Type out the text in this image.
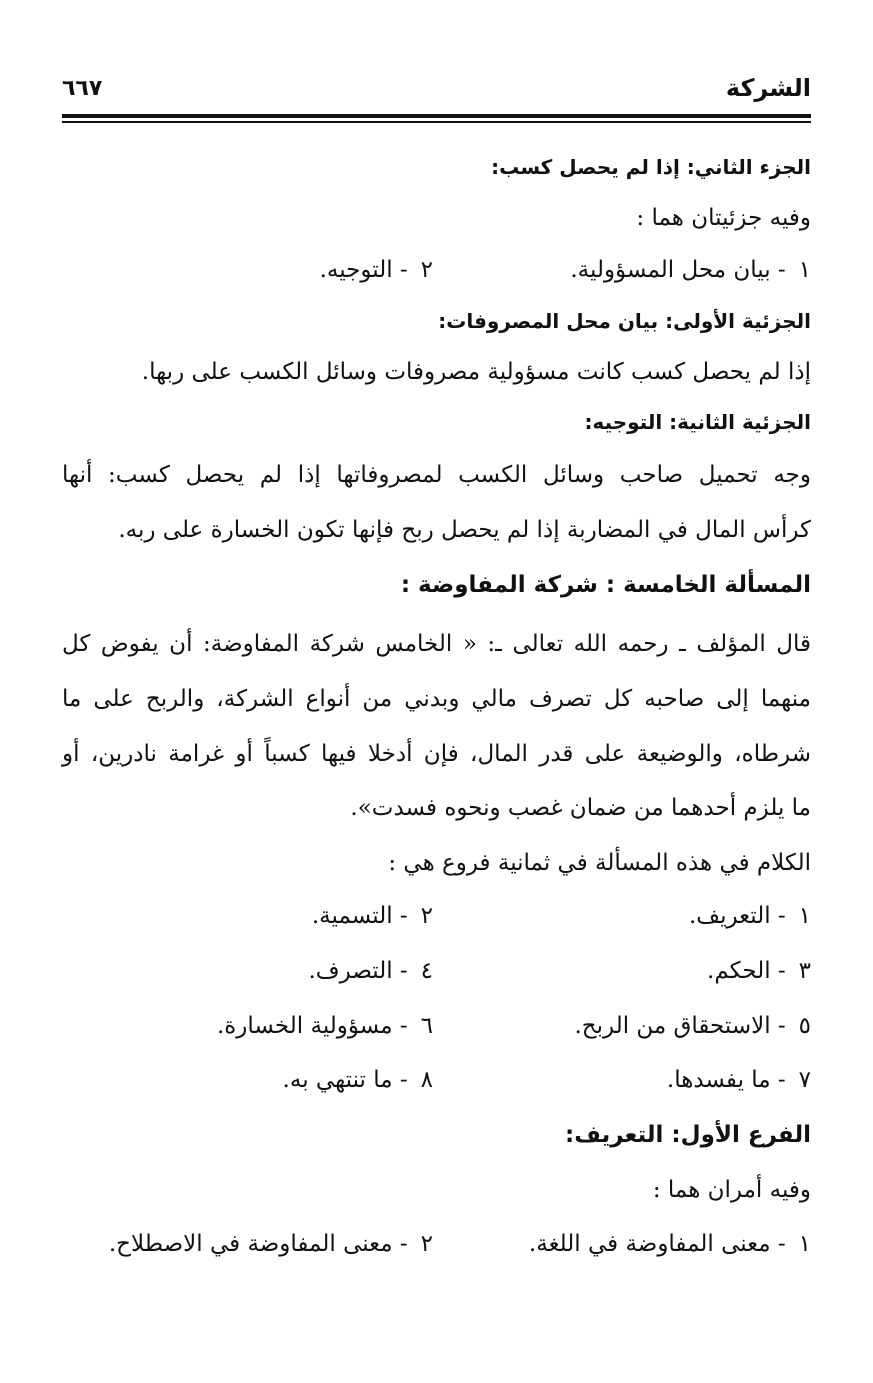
الشركة
٦٦٧
الجزء الثاني: إذا لم يحصل كسب:
وفيه جزئيتان هما :
١ - بيان محل المسؤولية.
٢ - التوجيه.
الجزئية الأولى: بيان محل المصروفات:
إذا لم يحصل كسب كانت مسؤولية مصروفات وسائل الكسب على ربها.
الجزئية الثانية: التوجيه:
وجه تحميل صاحب وسائل الكسب لمصروفاتها إذا لم يحصل كسب: أنها
كرأس المال في المضاربة إذا لم يحصل ربح فإنها تكون الخسارة على ربه.
المسألة الخامسة : شركة المفاوضة :
قال المؤلف ـ رحمه الله تعالى ـ: « الخامس شركة المفاوضة: أن يفوض كل
منهما إلى صاحبه كل تصرف مالي وبدني من أنواع الشركة، والربح على ما
شرطاه، والوضيعة على قدر المال، فإن أدخلا فيها كسباً أو غرامة نادرين، أو
ما يلزم أحدهما من ضمان غصب ونحوه فسدت».
الكلام في هذه المسألة في ثمانية فروع هي :
١ - التعريف.
٢ - التسمية.
٣ - الحكم.
٤ - التصرف.
٥ - الاستحقاق من الربح.
٦ - مسؤولية الخسارة.
٧ - ما يفسدها.
٨ - ما تنتهي به.
الفرع الأول: التعريف:
وفيه أمران هما :
١ - معنى المفاوضة في اللغة.
٢ - معنى المفاوضة في الاصطلاح.
